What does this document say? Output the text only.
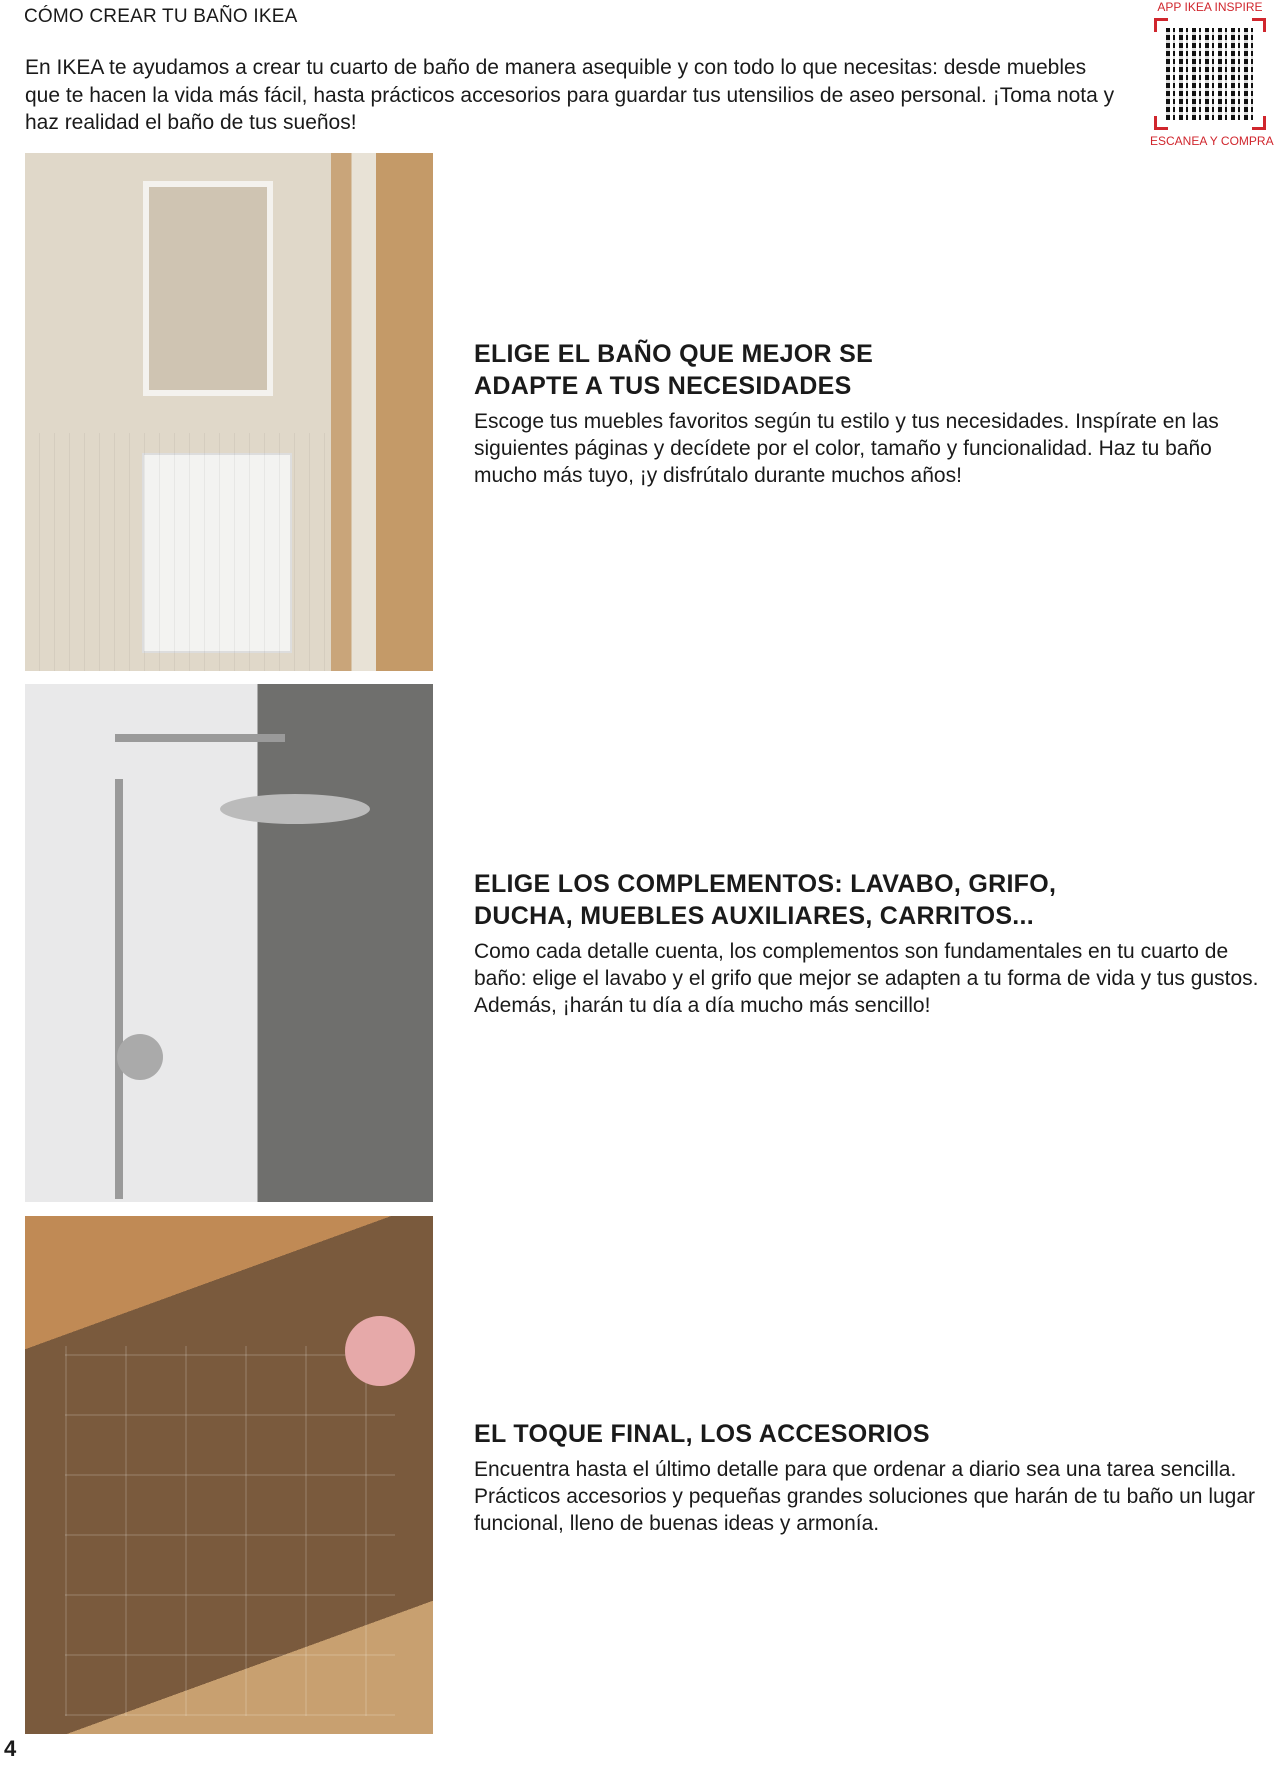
CÓMO CREAR TU BAÑO IKEA

En IKEA te ayudamos a crear tu cuarto de baño de manera asequible y con todo lo que necesitas: desde muebles que te hacen la vida más fácil, hasta prácticos accesorios para guardar tus utensilios de aseo personal. ¡Toma nota y haz realidad el baño de tus sueños!

APP IKEA INSPIRE
ESCANEA Y COMPRA
ELIGE EL BAÑO QUE MEJOR SE ADAPTE A TUS NECESIDADES

Escoge tus muebles favoritos según tu estilo y tus necesidades. Inspírate en las siguientes páginas y decídete por el color, tamaño y funcionalidad. Haz tu baño mucho más tuyo, ¡y disfrútalo durante muchos años!

ELIGE LOS COMPLEMENTOS: LAVABO, GRIFO, DUCHA, MUEBLES AUXILIARES, CARRITOS...

Como cada detalle cuenta, los complementos son fundamentales en tu cuarto de baño: elige el lavabo y el grifo que mejor se adapten a tu forma de vida y tus gustos. Además, ¡harán tu día a día mucho más sencillo!

EL TOQUE FINAL, LOS ACCESORIOS

Encuentra hasta el último detalle para que ordenar a diario sea una tarea sencilla. Prácticos accesorios y pequeñas grandes soluciones que harán de tu baño un lugar funcional, lleno de buenas ideas y armonía.

4
